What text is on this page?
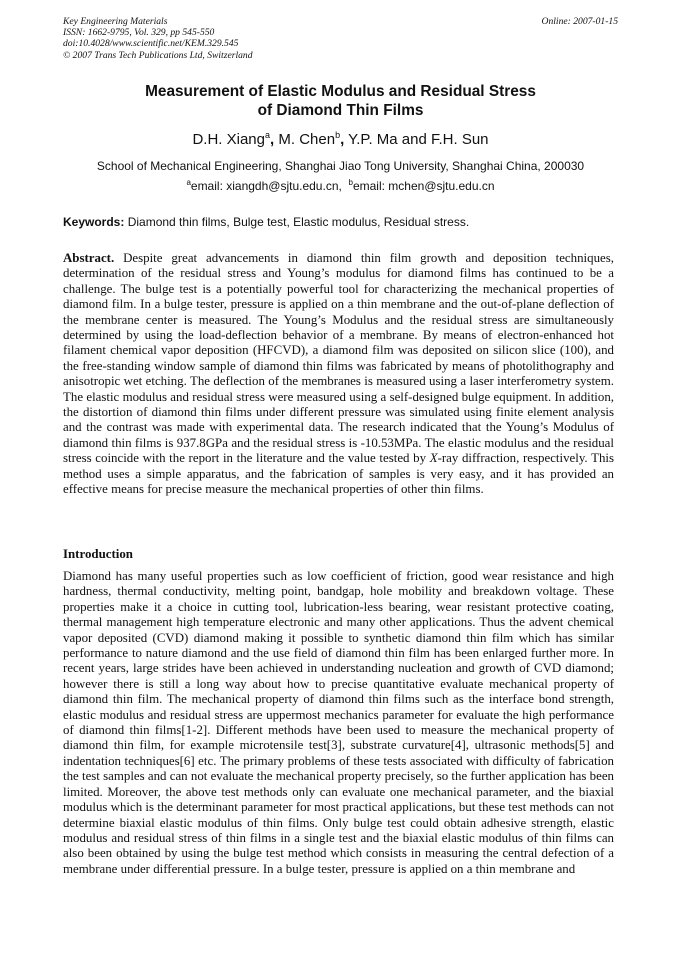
Key Engineering Materials
ISSN: 1662-9795, Vol. 329, pp 545-550
doi:10.4028/www.scientific.net/KEM.329.545
© 2007 Trans Tech Publications Ltd, Switzerland
Online: 2007-01-15
Measurement of Elastic Modulus and Residual Stress
of Diamond Thin Films
D.H. Xiang$^a$, M. Chen$^b$, Y.P. Ma and F.H. Sun
School of Mechanical Engineering, Shanghai Jiao Tong University, Shanghai China, 200030
$^a$email: xiangdh@sjtu.edu.cn, $^b$email: mchen@sjtu.edu.cn
Keywords: Diamond thin films, Bulge test, Elastic modulus, Residual stress.

Abstract. Despite great advancements in diamond thin film growth and deposition techniques, determination of the residual stress and Young’s modulus for diamond films has continued to be a challenge. The bulge test is a potentially powerful tool for characterizing the mechanical properties of diamond film. In a bulge tester, pressure is applied on a thin membrane and the out-of-plane deflection of the membrane center is measured. The Young’s Modulus and the residual stress are simultaneously determined by using the load-deflection behavior of a membrane. By means of electron-enhanced hot filament chemical vapor deposition (HFCVD), a diamond film was deposited on silicon slice (100), and the free-standing window sample of diamond thin films was fabricated by means of photolithography and anisotropic wet etching. The deflection of the membranes is measured using a laser interferometry system. The elastic modulus and residual stress were measured using a self-designed bulge equipment. In addition, the distortion of diamond thin films under different pressure was simulated using finite element analysis and the contrast was made with experimental data. The research indicated that the Young’s Modulus of diamond thin films is 937.8GPa and the residual stress is -10.53MPa. The elastic modulus and the residual stress coincide with the report in the literature and the value tested by X-ray diffraction, respectively. This method uses a simple apparatus, and the fabrication of samples is very easy, and it has provided an effective means for precise measure the mechanical properties of other thin films.

Introduction

Diamond has many useful properties such as low coefficient of friction, good wear resistance and high hardness, thermal conductivity, melting point, bandgap, hole mobility and breakdown voltage. These properties make it a choice in cutting tool, lubrication-less bearing, wear resistant protective coating, thermal management high temperature electronic and many other applications. Thus the advent chemical vapor deposited (CVD) diamond making it possible to synthetic diamond thin film which has similar performance to nature diamond and the use field of diamond thin film has been enlarged further more. In recent years, large strides have been achieved in understanding nucleation and growth of CVD diamond; however there is still a long way about how to precise quantitative evaluate mechanical property of diamond thin film. The mechanical property of diamond thin films such as the interface bond strength, elastic modulus and residual stress are uppermost mechanics parameter for evaluate the high performance of diamond thin films[1-2]. Different methods have been used to measure the mechanical property of diamond thin film, for example microtensile test[3], substrate curvature[4], ultrasonic methods[5] and indentation techniques[6] etc. The primary problems of these tests associated with difficulty of fabrication the test samples and can not evaluate the mechanical property precisely, so the further application has been limited. Moreover, the above test methods only can evaluate one mechanical parameter, and the biaxial modulus which is the determinant parameter for most practical applications, but these test methods can not determine biaxial elastic modulus of thin films. Only bulge test could obtain adhesive strength, elastic modulus and residual stress of thin films in a single test and the biaxial elastic modulus of thin films can also been obtained by using the bulge test method which consists in measuring the central defection of a membrane under differential pressure. In a bulge tester, pressure is applied on a thin membrane and
